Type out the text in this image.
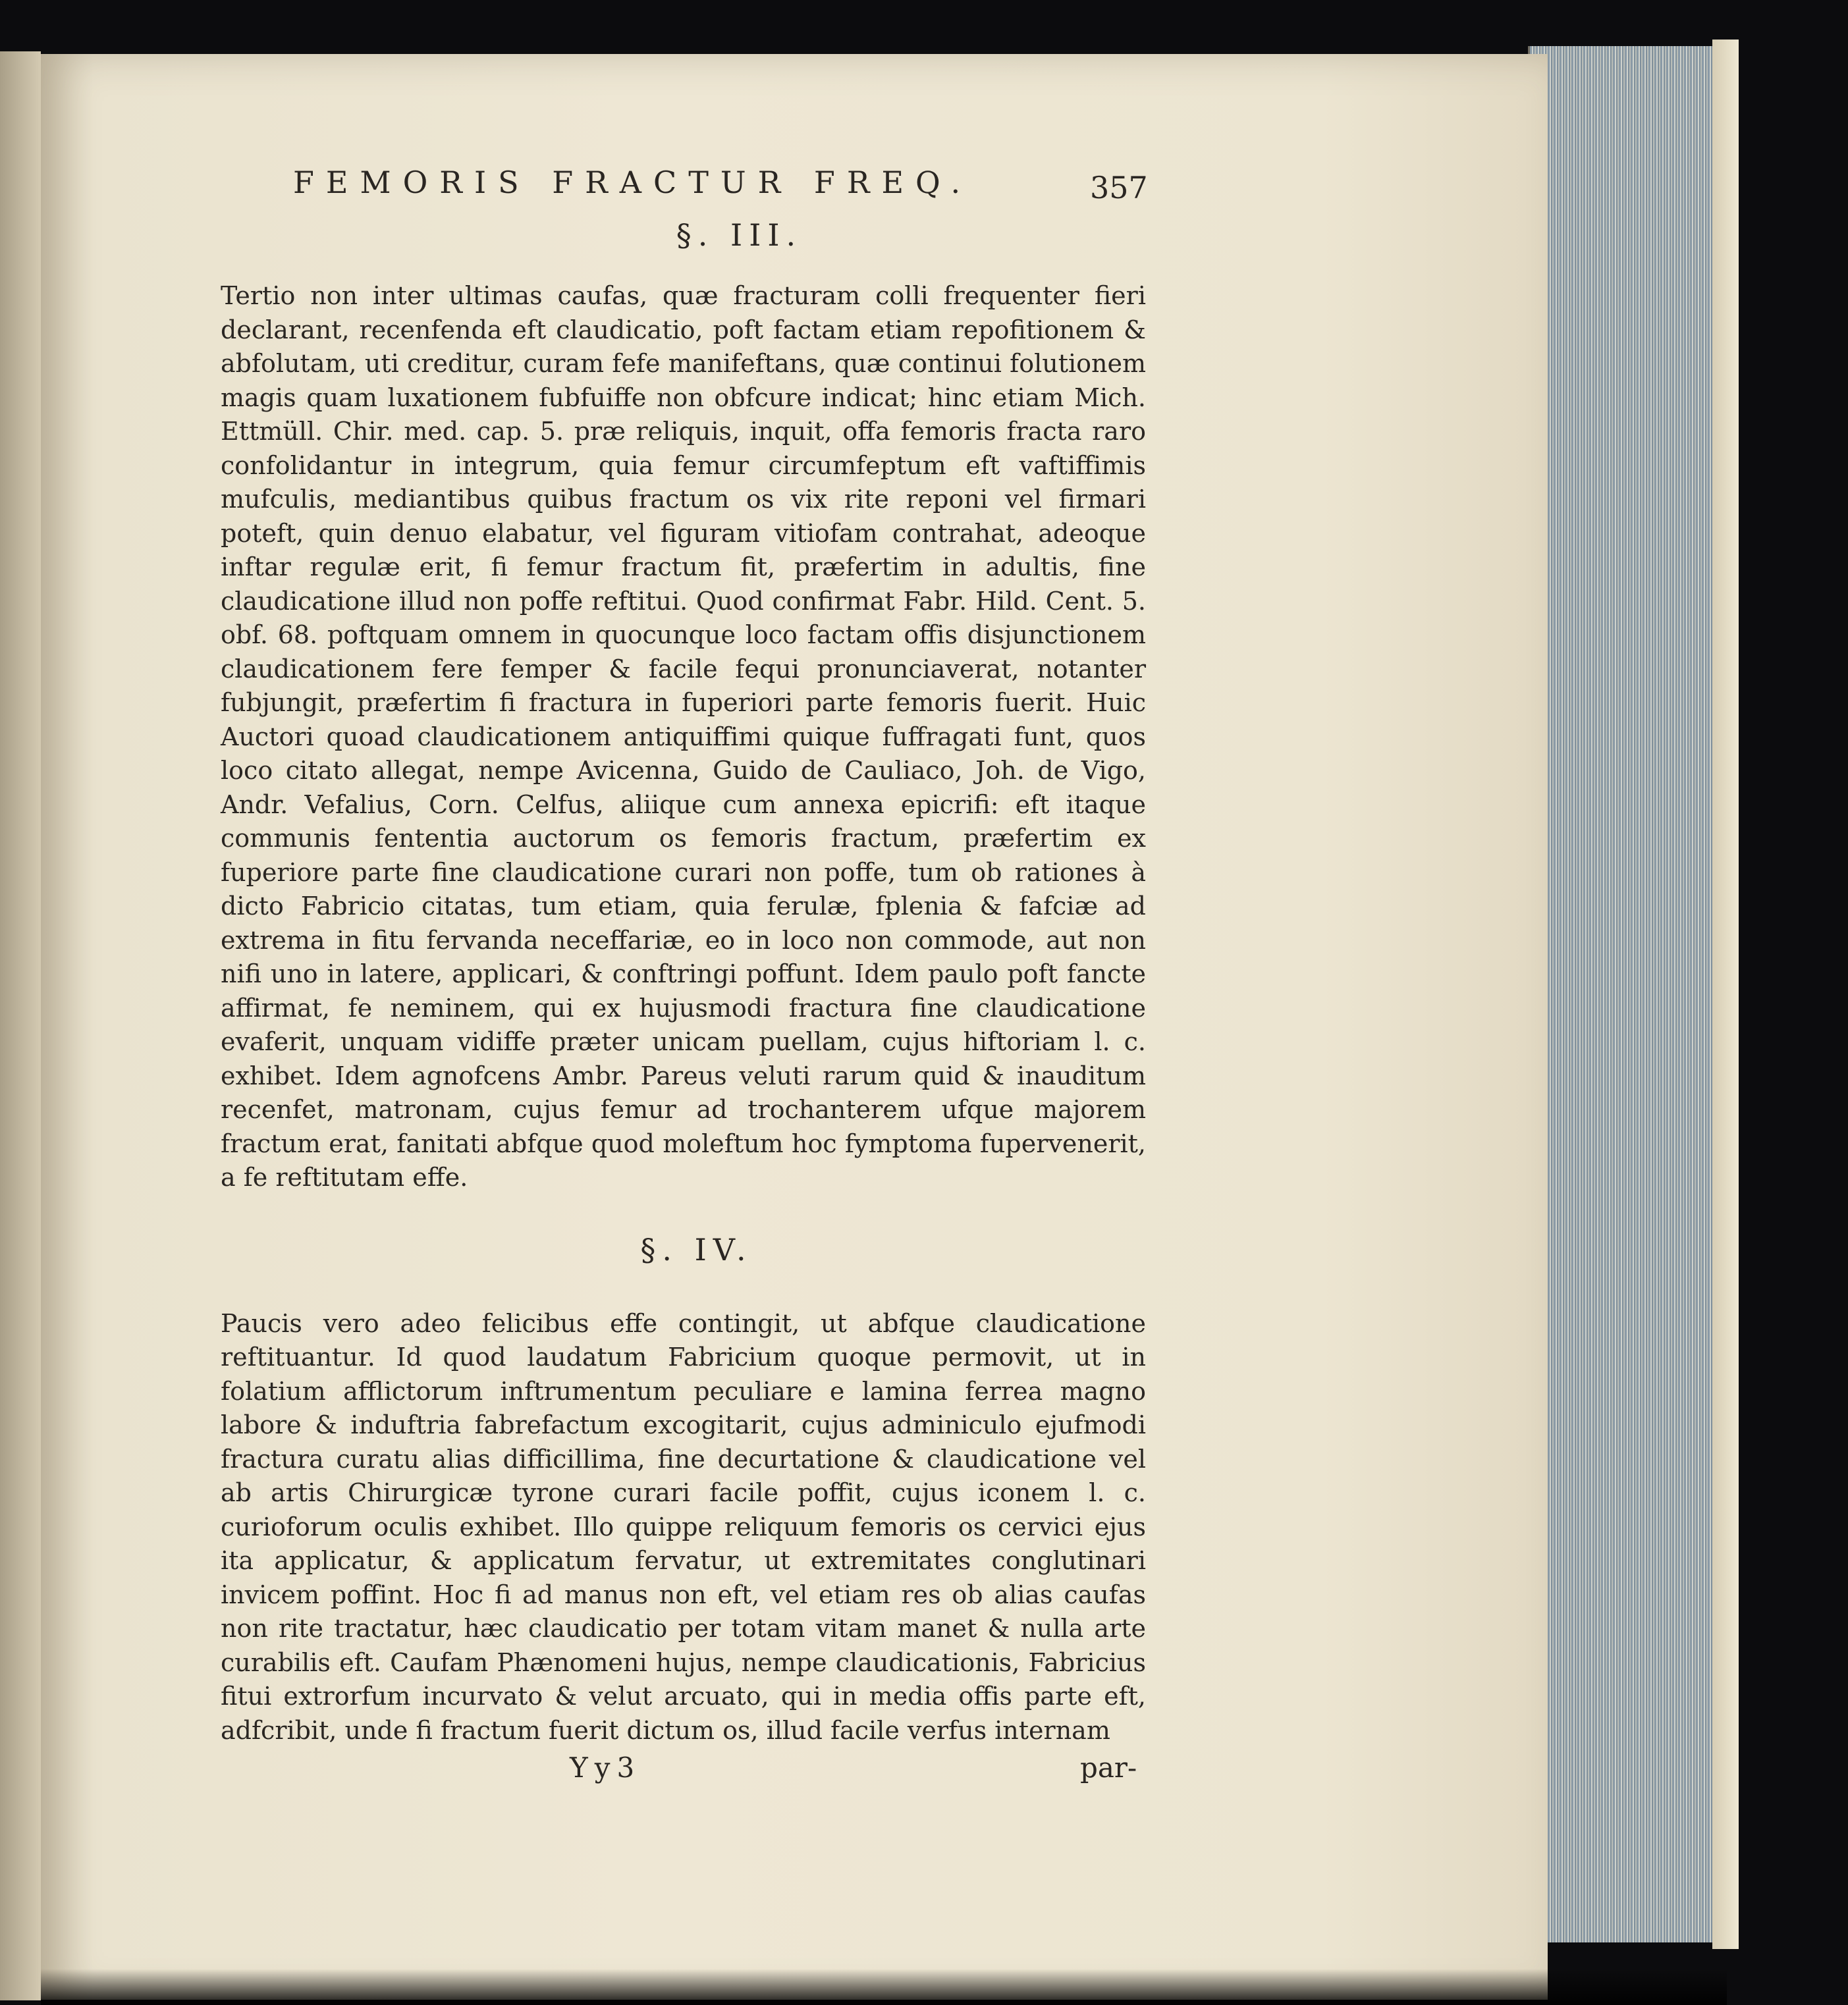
FEMORIS FRACTUR FREQ.	357
§. III.

Tertio non inter ultimas caufas, quæ fracturam colli frequenter fieri declarant, recenfenda eft claudicatio, poft factam etiam repofitionem & abfolutam, uti creditur, curam fefe manifeftans, quæ continui folutionem magis quam luxationem fubfuiffe non obfcure indicat; hinc etiam Mich. Ettmüll. Chir. med. cap. 5. præ reliquis, inquit, offa femoris fracta raro confolidantur in integrum, quia femur circumfeptum eft vaftiffimis mufculis, mediantibus quibus fractum os vix rite reponi vel firmari poteft, quin denuo elabatur, vel figuram vitiofam contrahat, adeoque inftar regulæ erit, fi femur fractum fit, præfertim in adultis, fine claudicatione illud non poffe reftitui. Quod confirmat Fabr. Hild. Cent. 5. obf. 68. poftquam omnem in quocunque loco factam offis disjunctionem claudicationem fere femper & facile fequi pronunciaverat, notanter fubjungit, præfertim fi fractura in fuperiori parte femoris fuerit. Huic Auctori quoad claudicationem antiquiffimi quique fuffragati funt, quos loco citato allegat, nempe Avicenna, Guido de Cauliaco, Joh. de Vigo, Andr. Vefalius, Corn. Celfus, aliique cum annexa epicrifi: eft itaque communis fententia auctorum os femoris fractum, præfertim ex fuperiore parte fine claudicatione curari non poffe, tum ob rationes à dicto Fabricio citatas, tum etiam, quia ferulæ, fplenia & fafciæ ad extrema in fitu fervanda neceffariæ, eo in loco non commode, aut non nifi uno in latere, applicari, & conftringi poffunt. Idem paulo poft fancte affirmat, fe neminem, qui ex hujusmodi fractura fine claudicatione evaferit, unquam vidiffe præter unicam puellam, cujus hiftoriam l. c. exhibet. Idem agnofcens Ambr. Pareus veluti rarum quid & inauditum recenfet, matronam, cujus femur ad trochanterem ufque majorem fractum erat, fanitati abfque quod moleftum hoc fymptoma fupervenerit, a fe reftitutam effe.

§. IV.

Paucis vero adeo felicibus effe contingit, ut abfque claudicatione reftituantur. Id quod laudatum Fabricium quoque permovit, ut in folatium afflictorum inftrumentum peculiare e lamina ferrea magno labore & induftria fabrefactum excogitarit, cujus adminiculo ejufmodi fractura curatu alias difficillima, fine decurtatione & claudicatione vel ab artis Chirurgicæ tyrone curari facile poffit, cujus iconem l. c. curioforum oculis exhibet. Illo quippe reliquum femoris os cervici ejus ita applicatur, & applicatum fervatur, ut extremitates conglutinari invicem poffint. Hoc fi ad manus non eft, vel etiam res ob alias caufas non rite tractatur, hæc claudicatio per totam vitam manet & nulla arte curabilis eft. Caufam Phænomeni hujus, nempe claudicationis, Fabricius fitui extrorfum incurvato & velut arcuato, qui in media offis parte eft, adfcribit, unde fi fractum fuerit dictum os, illud facile verfus internam

Yy3	par-
